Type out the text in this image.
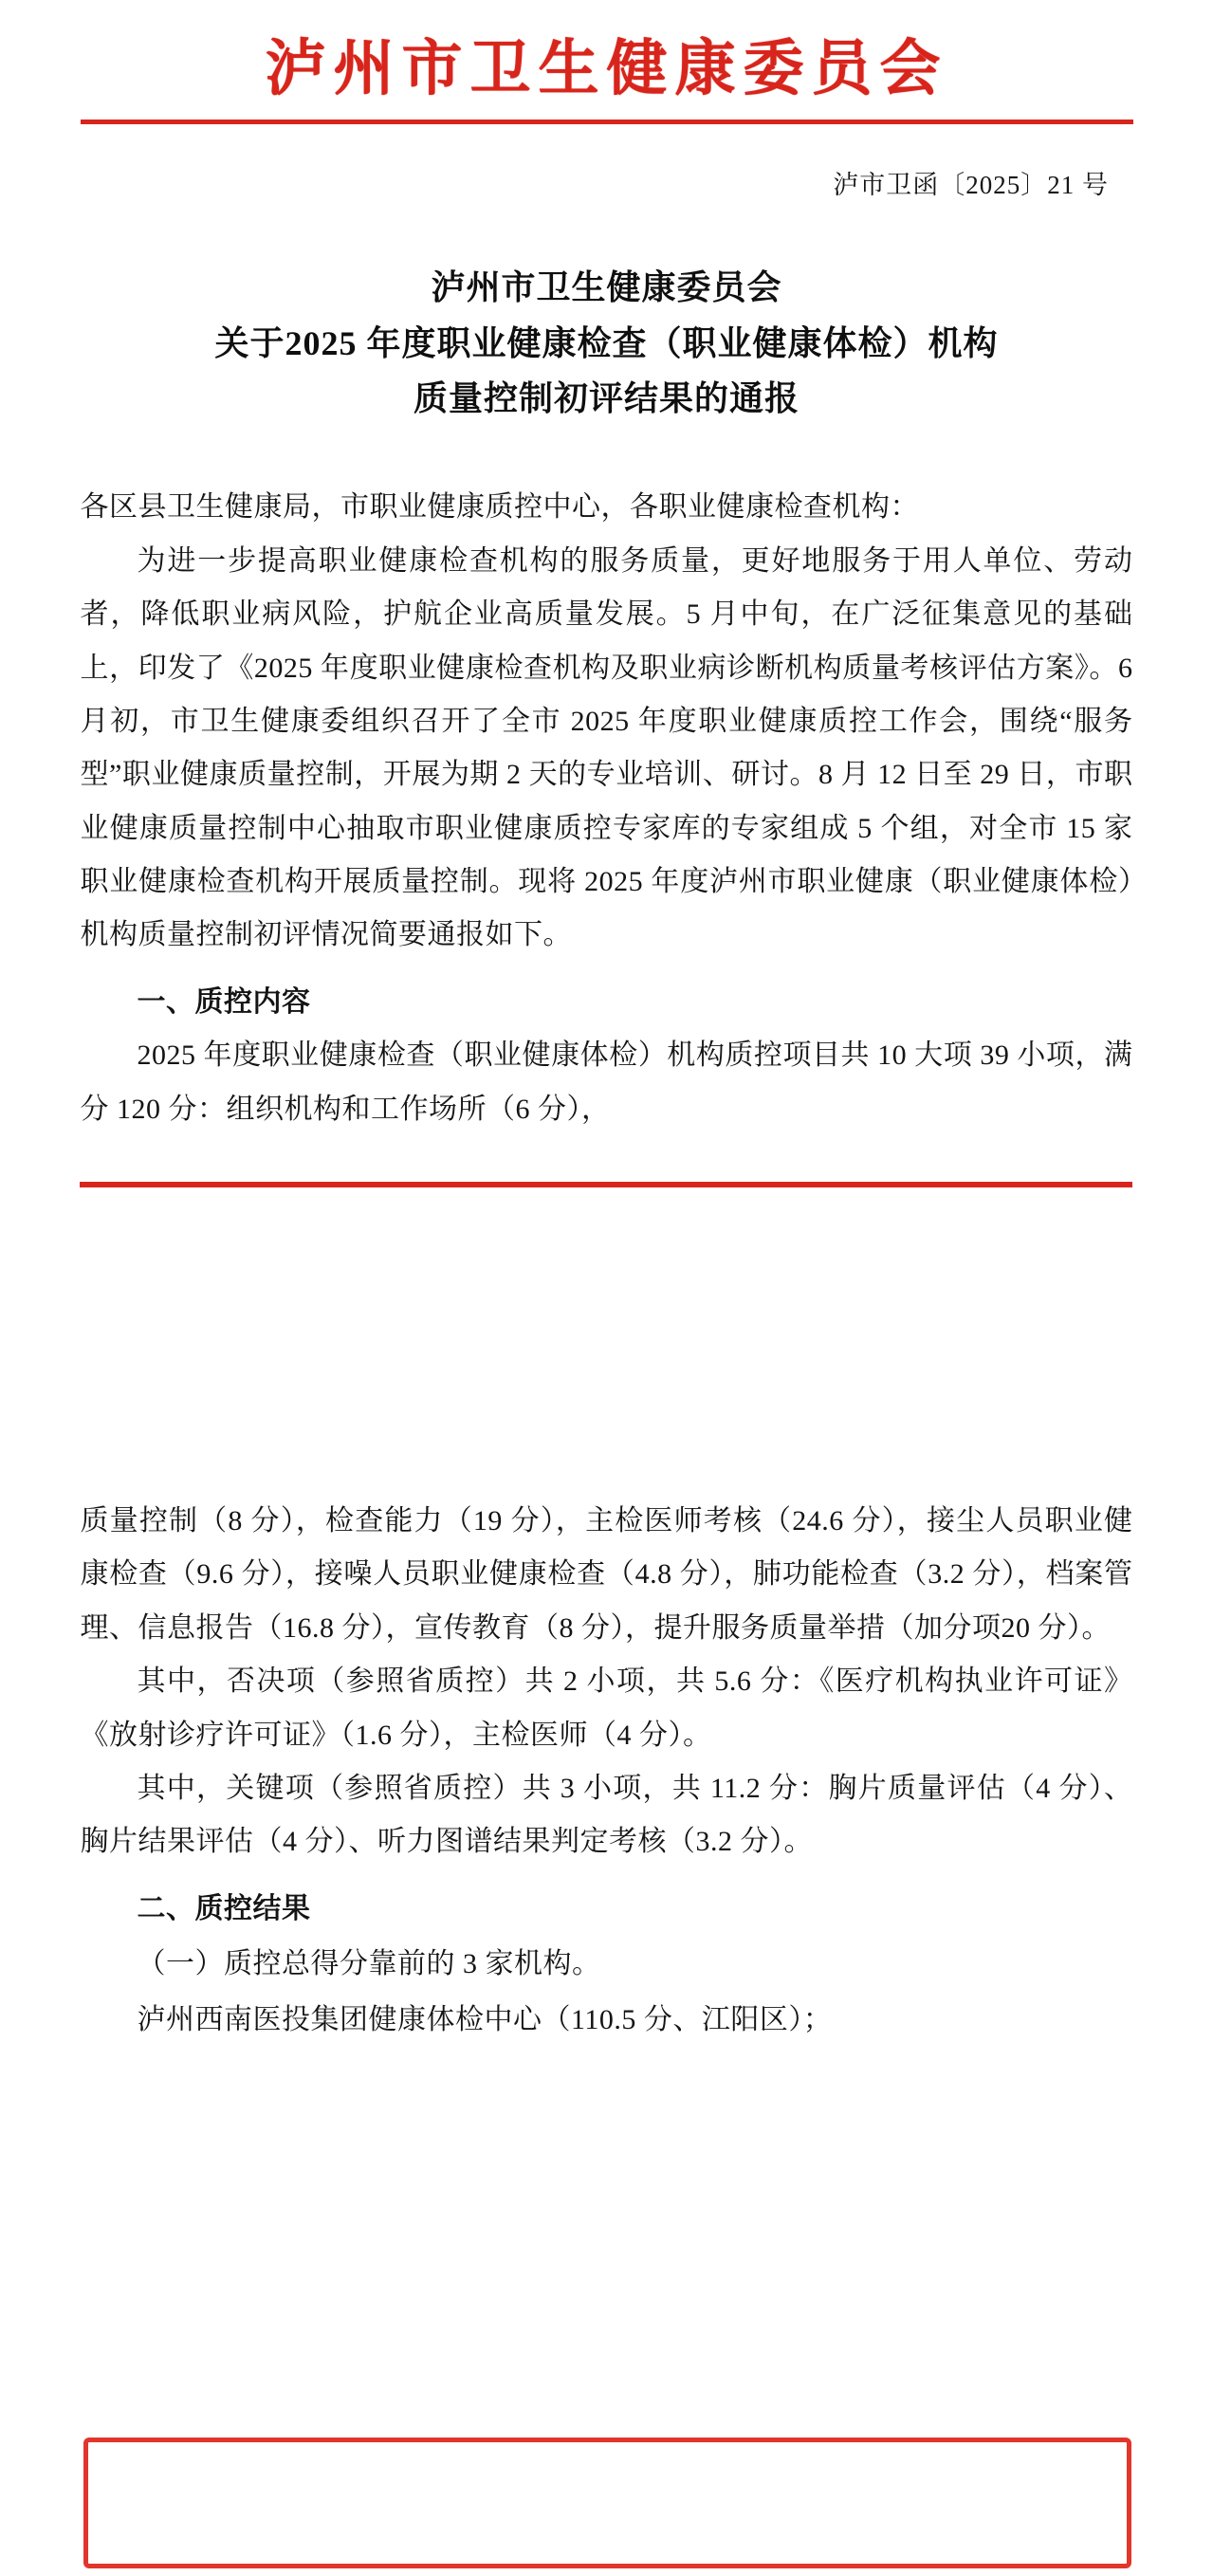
泸州市卫生健康委员会
泸市卫函〔2025〕21 号
泸州市卫生健康委员会
关于2025 年度职业健康检查（职业健康体检）机构
质量控制初评结果的通报

各区县卫生健康局，市职业健康质控中心，各职业健康检查机构：

为进一步提高职业健康检查机构的服务质量，更好地服务于用人单位、劳动者，降低职业病风险，护航企业高质量发展。5 月中旬，在广泛征集意见的基础上，印发了《2025 年度职业健康检查机构及职业病诊断机构质量考核评估方案》。6 月初，市卫生健康委组织召开了全市 2025 年度职业健康质控工作会，围绕“服务型”职业健康质量控制，开展为期 2 天的专业培训、研讨。8 月 12 日至 29 日，市职业健康质量控制中心抽取市职业健康质控专家库的专家组成 5 个组，对全市 15 家职业健康检查机构开展质量控制。现将 2025 年度泸州市职业健康（职业健康体检）机构质量控制初评情况简要通报如下。

一、质控内容

2025 年度职业健康检查（职业健康体检）机构质控项目共 10 大项 39 小项，满分 120 分：组织机构和工作场所（6 分），

质量控制（8 分），检查能力（19 分），主检医师考核（24.6 分），接尘人员职业健康检查（9.6 分），接噪人员职业健康检查（4.8 分），肺功能检查（3.2 分），档案管理、信息报告（16.8 分），宣传教育（8 分），提升服务质量举措（加分项20 分）。

其中，否决项（参照省质控）共 2 小项，共 5.6 分：《医疗机构执业许可证》《放射诊疗许可证》（1.6 分），主检医师（4 分）。

其中，关键项（参照省质控）共 3 小项，共 11.2 分：胸片质量评估（4 分）、胸片结果评估（4 分）、听力图谱结果判定考核（3.2 分）。

二、质控结果

（一）质控总得分靠前的 3 家机构。

泸州西南医投集团健康体检中心（110.5 分、江阳区）；
